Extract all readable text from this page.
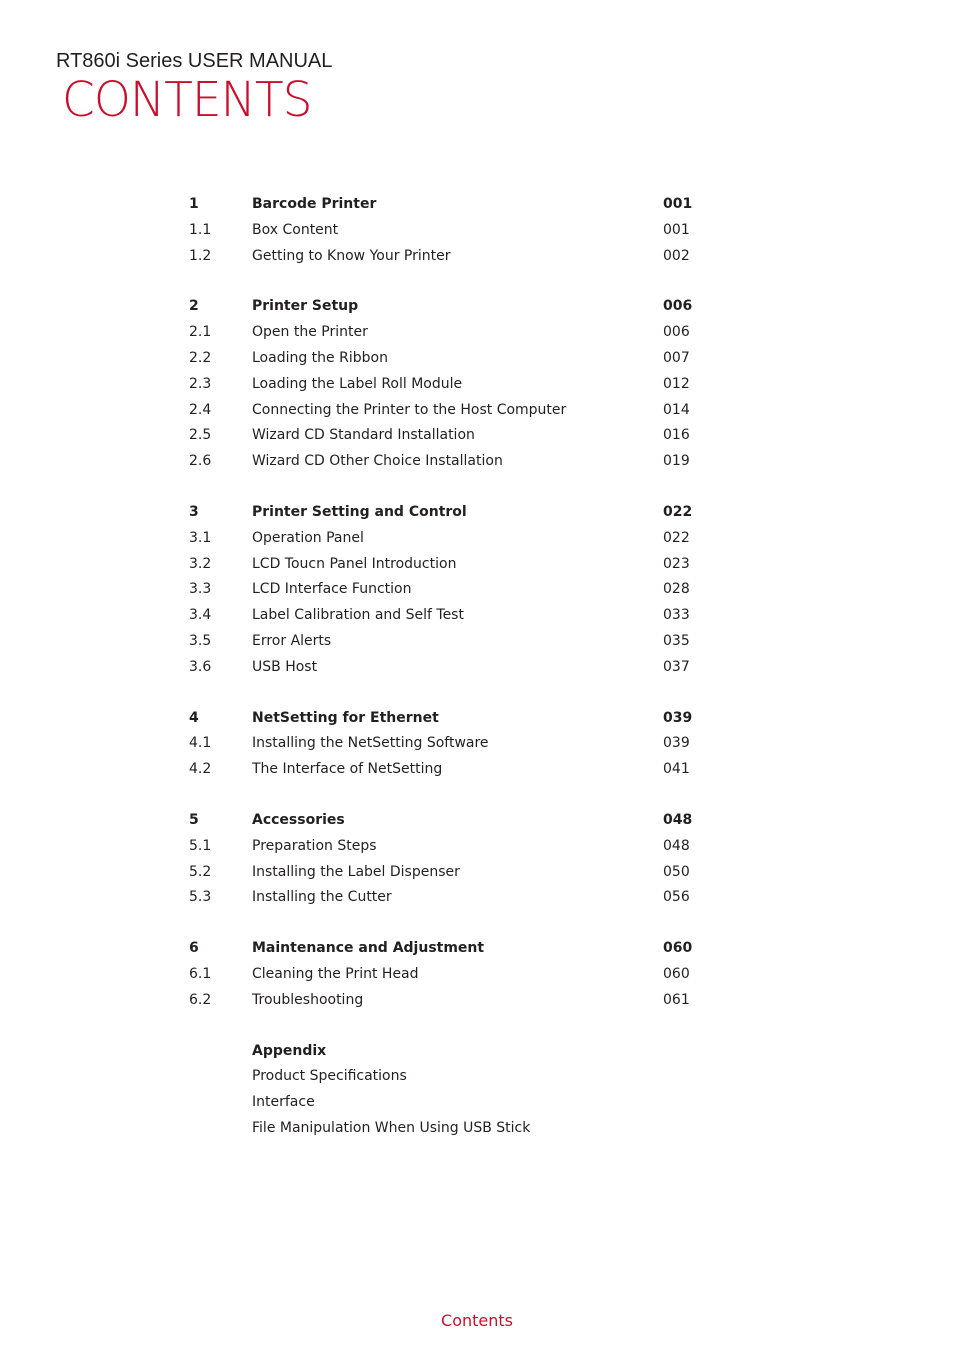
RT860i Series USER MANUAL
CONTENTS
1	Barcode Printer	001
1.1	Box Content	001
1.2	Getting to Know Your Printer	002
2	Printer Setup	006
2.1	Open the Printer	006
2.2	Loading the Ribbon	007
2.3	Loading the Label Roll Module	012
2.4	Connecting the Printer to the Host Computer	014
2.5	Wizard CD Standard Installation	016
2.6	Wizard CD Other Choice Installation	019
3	Printer Setting and Control	022
3.1	Operation Panel	022
3.2	LCD Toucn Panel Introduction	023
3.3	LCD Interface Function	028
3.4	Label Calibration and Self Test	033
3.5	Error Alerts	035
3.6	USB Host	037
4	NetSetting for Ethernet	039
4.1	Installing the NetSetting Software	039
4.2	The Interface of NetSetting	041
5	Accessories	048
5.1	Preparation Steps	048
5.2	Installing the Label Dispenser	050
5.3	Installing the Cutter	056
6	Maintenance and Adjustment	060
6.1	Cleaning the Print Head	060
6.2	Troubleshooting	061
Appendix
Product Specifications
Interface
File Manipulation When Using USB Stick
Contents
